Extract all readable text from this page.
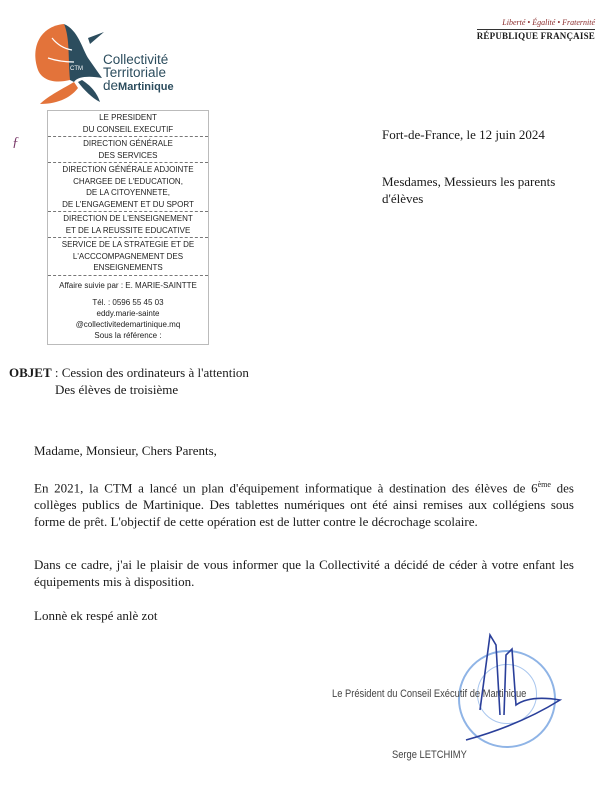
CTM
Collectivité
Territoriale
deMartinique
Liberté • Égalité • Fraternité
RÉPUBLIQUE FRANÇAISE
ƒ

LE PRESIDENT

DU CONSEIL EXECUTIF

DIRECTION GÉNÉRALE

DES SERVICES

DIRECTION GÉNÉRALE ADJOINTE

CHARGEE DE L'EDUCATION,

DE LA CITOYENNETE,

DE L'ENGAGEMENT ET DU SPORT

DIRECTION DE L'ENSEIGNEMENT

ET DE LA REUSSITE EDUCATIVE

SERVICE DE LA STRATEGIE ET DE

L'ACCCOMPAGNEMENT DES ENSEIGNEMENTS

Affaire suivie par : E. MARIE-SAINTTE

Tél. : 0596 55 45 03

eddy.marie-sainte

@collectivitedemartinique.mq

Sous la référence :

Fort-de-France, le 12 juin 2024

Mesdames, Messieurs les parents

d'élèves

OBJET : Cession des ordinateurs à l'attention

Des élèves de troisième

Madame, Monsieur, Chers Parents,
En 2021, la CTM a lancé un plan d'équipement informatique à destination des élèves de 6ème des collèges publics de Martinique. Des tablettes numériques ont été ainsi remises aux collégiens sous forme de prêt. L'objectif de cette opération est de lutter contre le décrochage scolaire.
Dans ce cadre, j'ai le plaisir de vous informer que la Collectivité a décidé de céder à votre enfant les équipements mis à disposition.
Lonnè ek respé anlè zot
Le Président du Conseil Exécutif de Martinique
Serge LETCHIMY
